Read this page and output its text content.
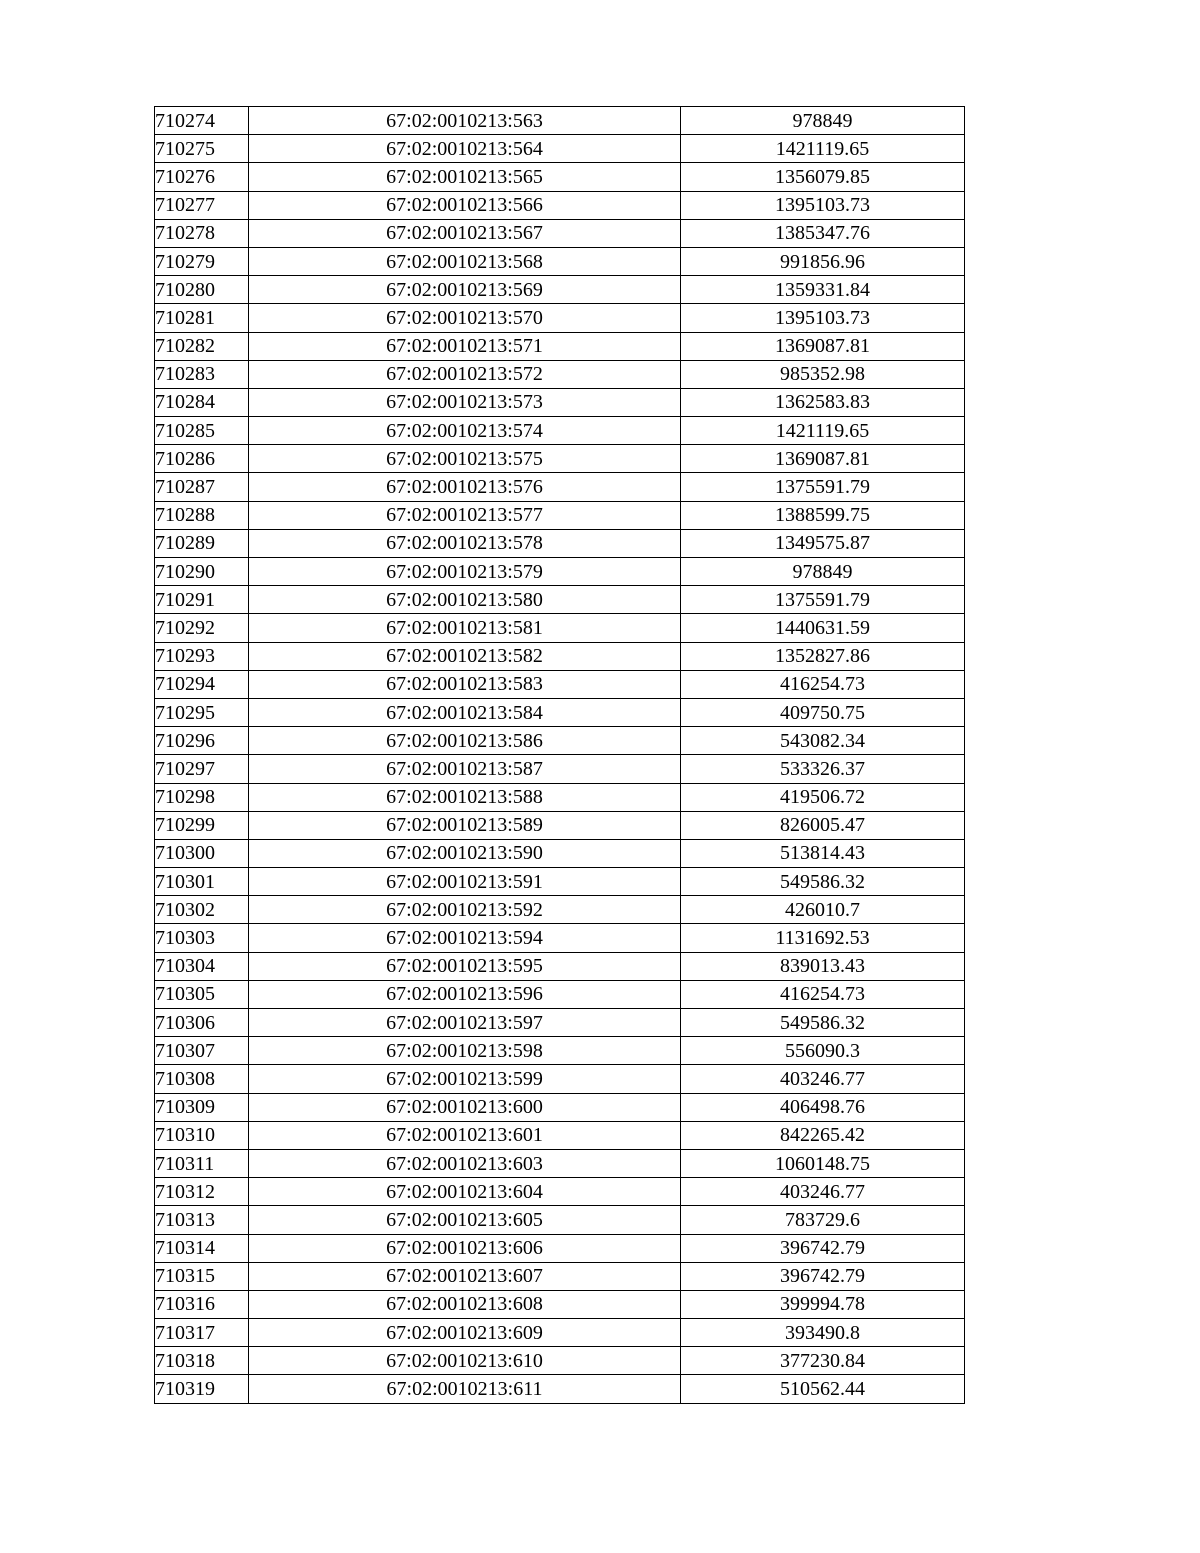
710274	67:02:0010213:563	978849
710275	67:02:0010213:564	1421119.65
710276	67:02:0010213:565	1356079.85
710277	67:02:0010213:566	1395103.73
710278	67:02:0010213:567	1385347.76
710279	67:02:0010213:568	991856.96
710280	67:02:0010213:569	1359331.84
710281	67:02:0010213:570	1395103.73
710282	67:02:0010213:571	1369087.81
710283	67:02:0010213:572	985352.98
710284	67:02:0010213:573	1362583.83
710285	67:02:0010213:574	1421119.65
710286	67:02:0010213:575	1369087.81
710287	67:02:0010213:576	1375591.79
710288	67:02:0010213:577	1388599.75
710289	67:02:0010213:578	1349575.87
710290	67:02:0010213:579	978849
710291	67:02:0010213:580	1375591.79
710292	67:02:0010213:581	1440631.59
710293	67:02:0010213:582	1352827.86
710294	67:02:0010213:583	416254.73
710295	67:02:0010213:584	409750.75
710296	67:02:0010213:586	543082.34
710297	67:02:0010213:587	533326.37
710298	67:02:0010213:588	419506.72
710299	67:02:0010213:589	826005.47
710300	67:02:0010213:590	513814.43
710301	67:02:0010213:591	549586.32
710302	67:02:0010213:592	426010.7
710303	67:02:0010213:594	1131692.53
710304	67:02:0010213:595	839013.43
710305	67:02:0010213:596	416254.73
710306	67:02:0010213:597	549586.32
710307	67:02:0010213:598	556090.3
710308	67:02:0010213:599	403246.77
710309	67:02:0010213:600	406498.76
710310	67:02:0010213:601	842265.42
710311	67:02:0010213:603	1060148.75
710312	67:02:0010213:604	403246.77
710313	67:02:0010213:605	783729.6
710314	67:02:0010213:606	396742.79
710315	67:02:0010213:607	396742.79
710316	67:02:0010213:608	399994.78
710317	67:02:0010213:609	393490.8
710318	67:02:0010213:610	377230.84
710319	67:02:0010213:611	510562.44
